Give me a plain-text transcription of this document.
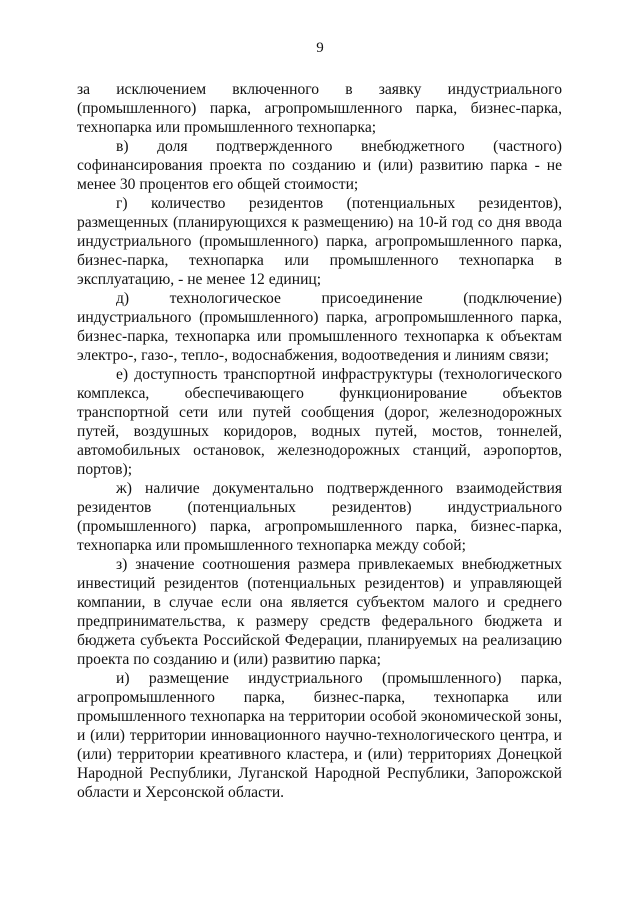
9

за исключением включенного в заявку индустриального (промышленного) парка, агропромышленного парка, бизнес-парка, технопарка или промышленного технопарка;

в) доля подтвержденного внебюджетного (частного) софинансирования проекта по созданию и (или) развитию парка - не менее 30 процентов его общей стоимости;

г) количество резидентов (потенциальных резидентов), размещенных (планирующихся к размещению) на 10-й год со дня ввода индустриального (промышленного) парка, агропромышленного парка, бизнес-парка, технопарка или промышленного технопарка в эксплуатацию, - не менее 12 единиц;

д) технологическое присоединение (подключение) индустриального (промышленного) парка, агропромышленного парка, бизнес-парка, технопарка или промышленного технопарка к объектам электро-, газо-, тепло-, водоснабжения, водоотведения и линиям связи;

е) доступность транспортной инфраструктуры (технологического комплекса, обеспечивающего функционирование объектов транспортной сети или путей сообщения (дорог, железнодорожных путей, воздушных коридоров, водных путей, мостов, тоннелей, автомобильных остановок, железнодорожных станций, аэропортов, портов);

ж) наличие документально подтвержденного взаимодействия резидентов (потенциальных резидентов) индустриального (промышленного) парка, агропромышленного парка, бизнес-парка, технопарка или промышленного технопарка между собой;

з) значение соотношения размера привлекаемых внебюджетных инвестиций резидентов (потенциальных резидентов) и управляющей компании, в случае если она является субъектом малого и среднего предпринимательства, к размеру средств федерального бюджета и бюджета субъекта Российской Федерации, планируемых на реализацию проекта по созданию и (или) развитию парка;

и) размещение индустриального (промышленного) парка, агропромышленного парка, бизнес-парка, технопарка или промышленного технопарка на территории особой экономической зоны, и (или) территории инновационного научно-технологического центра, и (или) территории креативного кластера, и (или) территориях Донецкой Народной Республики, Луганской Народной Республики, Запорожской области и Херсонской области.
